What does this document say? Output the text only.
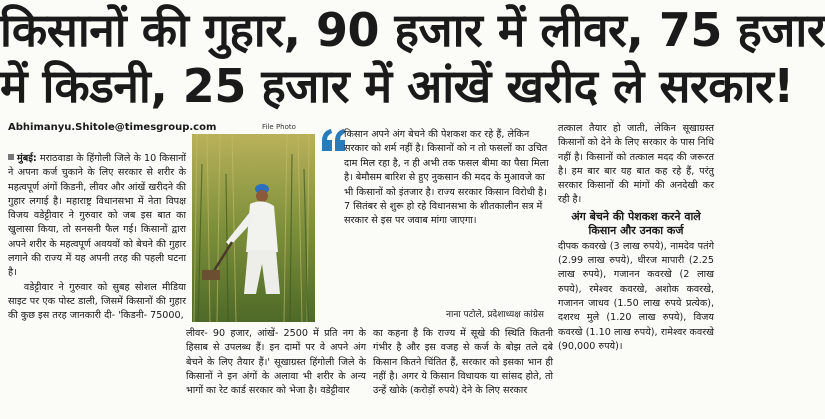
किसानों की गुहार, 90 हजार में लीवर, 75 हजार
में किडनी, 25 हजार में आंखें खरीद ले सरकार!
Abhimanyu.Shitole@timesgroup.com	File Photo

मुंबई: मराठवाडा के हिंगोली जिले के 10 किसानों ने अपना कर्ज चुकाने के लिए सरकार से शरीर के महत्वपूर्ण अंगों किडनी, लीवर और आंखें खरीदने की गुहार लगाई है। महाराष्ट्र विधानसभा में नेता विपक्ष विजय वडेट्टीवार ने गुरुवार को जब इस बात का खुलासा किया, तो सनसनी फैल गई। किसानों द्वारा अपने शरीर के महत्वपूर्ण अवयवों को बेचने की गुहार लगाने की राज्य में यह अपनी तरह की पहली घटना है।

वडेट्टीवार ने गुरुवार को सुबह सोशल मीडिया साइट पर एक पोस्ट डाली, जिसमें किसानों की गुहार की कुछ इस तरह जानकारी दी- 'किडनी- 75000,

किसान अपने अंग बेचने की पेशकश कर रहे हैं, लेकिन सरकार को शर्म नहीं है। किसानों को न तो फसलों का उचित दाम मिल रहा है, न ही अभी तक फसल बीमा का पैसा मिला है। बेमौसम बारिश से हुए नुकसान की मदद के मुआवजे का भी किसानों को इंतजार है। राज्य सरकार किसान विरोधी है। 7 सितंबर से शुरू हो रहे विधानसभा के शीतकालीन सत्र में सरकार से इस पर जवाब मांगा जाएगा।
नाना पटोले, प्रदेशाध्यक्ष कांग्रेस

लीवर- 90 हजार, आंखें- 2500 में प्रति नग के हिसाब से उपलब्ध हैं। इन दामों पर वे अपने अंग बेचने के लिए तैयार हैं।' सूखाग्रस्त हिंगोली जिले के किसानों ने इन अंगों के अलावा भी शरीर के अन्य भागों का रेट कार्ड सरकार को भेजा है। वडेट्टीवार

का कहना है कि राज्य में सूखे की स्थिति कितनी गंभीर है और इस वजह से कर्ज के बोझ तले दबे किसान कितने चिंतित हैं, सरकार को इसका भान ही नहीं है। अगर ये किसान विधायक या सांसद होते, तो उन्हें खोके (करोड़ों रुपये) देने के लिए सरकार

तत्काल तैयार हो जाती, लेकिन सूखाग्रस्त किसानों को देने के लिए सरकार के पास निधि नहीं है। किसानों को तत्काल मदद की जरूरत है। हम बार बार यह बात कह रहे हैं, परंतु सरकार किसानों की मांगों की अनदेखी कर रही है।

अंग बेचने की पेशकश करने वाले किसान और उनका कर्ज

दीपक कवरखे (3 लाख रुपये), नामदेव पतंगे (2.99 लाख रुपये), धीरज मापारी (2.25 लाख रुपये), गजानन कवरखे (2 लाख रुपये), रमेश्वर कवरखे, अशोक कवरखे, गजानन जाधव (1.50 लाख रुपये प्रत्येक), दशरथ मुले (1.20 लाख रुपये), विजय कवरखे (1.10 लाख रुपये), रामेश्वर कवरखे (90,000 रुपये)।
